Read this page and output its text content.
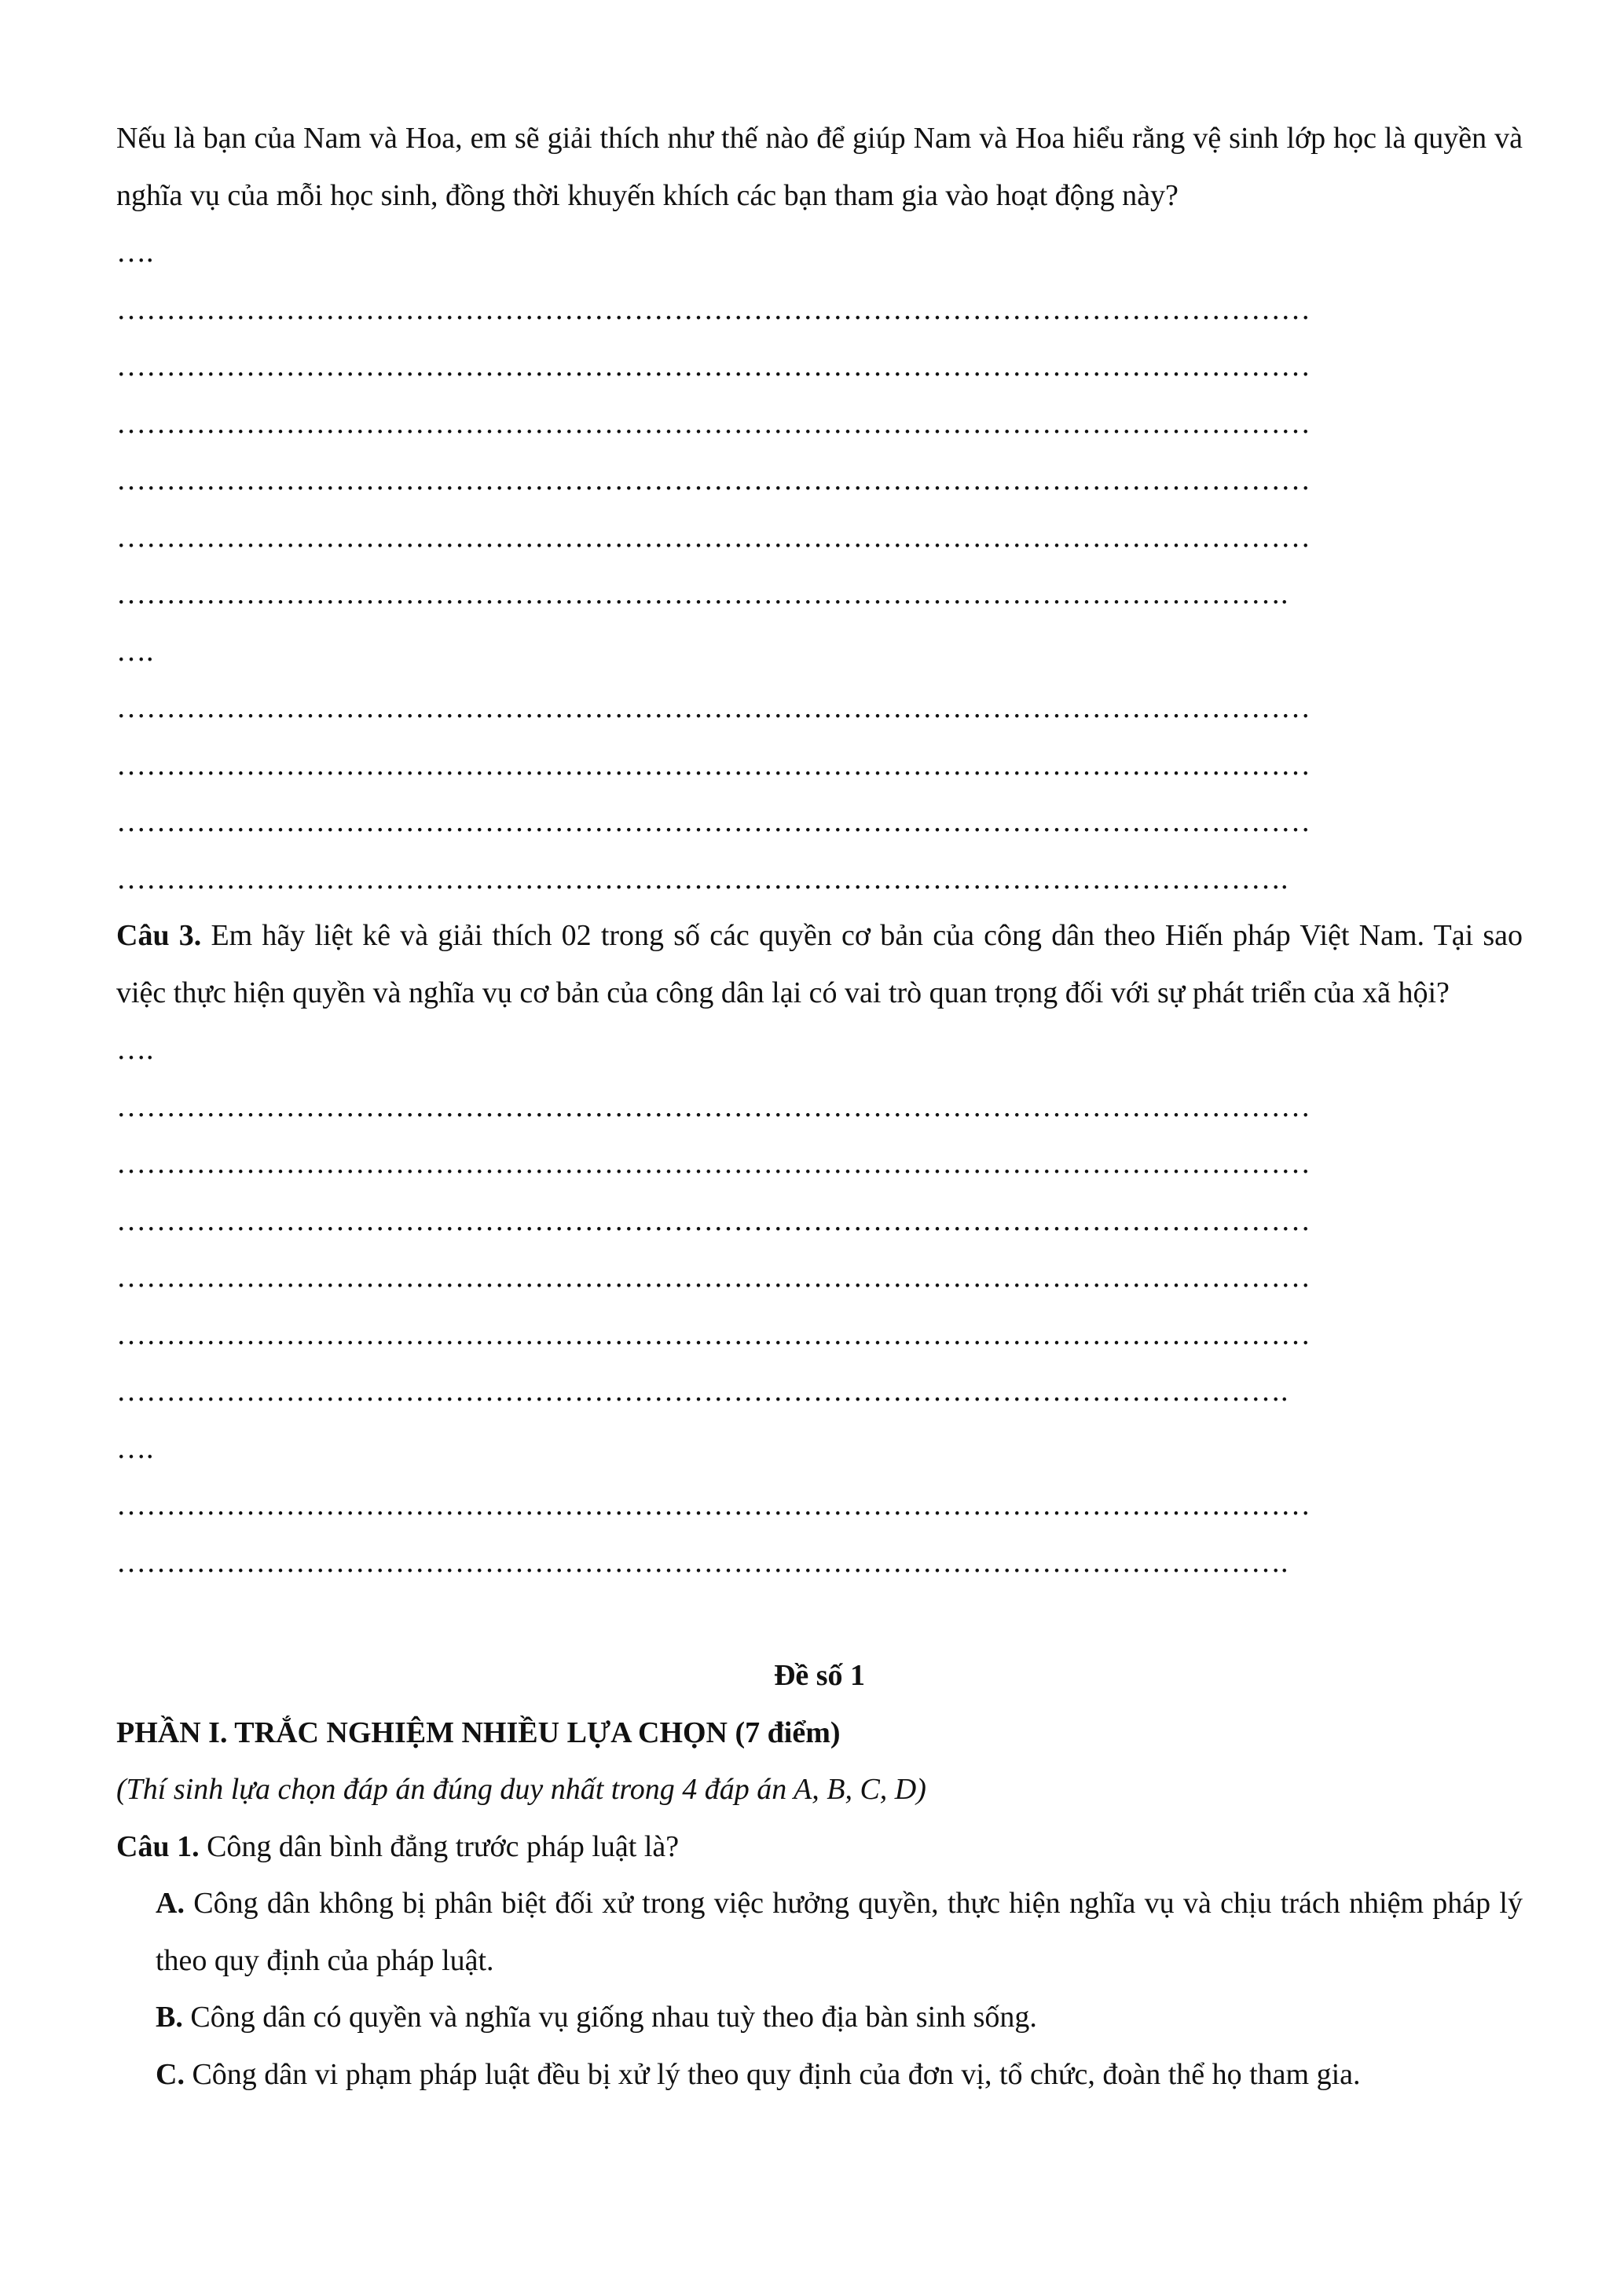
Nếu là bạn của Nam và Hoa, em sẽ giải thích như thế nào để giúp Nam và Hoa hiểu rằng vệ sinh lớp học là quyền và nghĩa vụ của mỗi học sinh, đồng thời khuyến khích các bạn tham gia vào hoạt động này?

….

…………………………………………………………………………………………………………

…………………………………………………………………………………………………………

…………………………………………………………………………………………………………

…………………………………………………………………………………………………………

…………………………………………………………………………………………………………

……………………………………………………………………………………………………….

….

…………………………………………………………………………………………………………

…………………………………………………………………………………………………………

…………………………………………………………………………………………………………

……………………………………………………………………………………………………….

Câu 3. Em hãy liệt kê và giải thích 02 trong số các quyền cơ bản của công dân theo Hiến pháp Việt Nam. Tại sao việc thực hiện quyền và nghĩa vụ cơ bản của công dân lại có vai trò quan trọng đối với sự phát triển của xã hội?

….

…………………………………………………………………………………………………………

…………………………………………………………………………………………………………

…………………………………………………………………………………………………………

…………………………………………………………………………………………………………

…………………………………………………………………………………………………………

……………………………………………………………………………………………………….

….

…………………………………………………………………………………………………………

……………………………………………………………………………………………………….

Đề số 1

PHẦN I. TRẮC NGHIỆM NHIỀU LỰA CHỌN (7 điểm)

(Thí sinh lựa chọn đáp án đúng duy nhất trong 4 đáp án A, B, C, D)

Câu 1. Công dân bình đẳng trước pháp luật là?

A. Công dân không bị phân biệt đối xử trong việc hưởng quyền, thực hiện nghĩa vụ và chịu trách nhiệm pháp lý theo quy định của pháp luật.

B. Công dân có quyền và nghĩa vụ giống nhau tuỳ theo địa bàn sinh sống.

C. Công dân vi phạm pháp luật đều bị xử lý theo quy định của đơn vị, tổ chức, đoàn thể họ tham gia.
